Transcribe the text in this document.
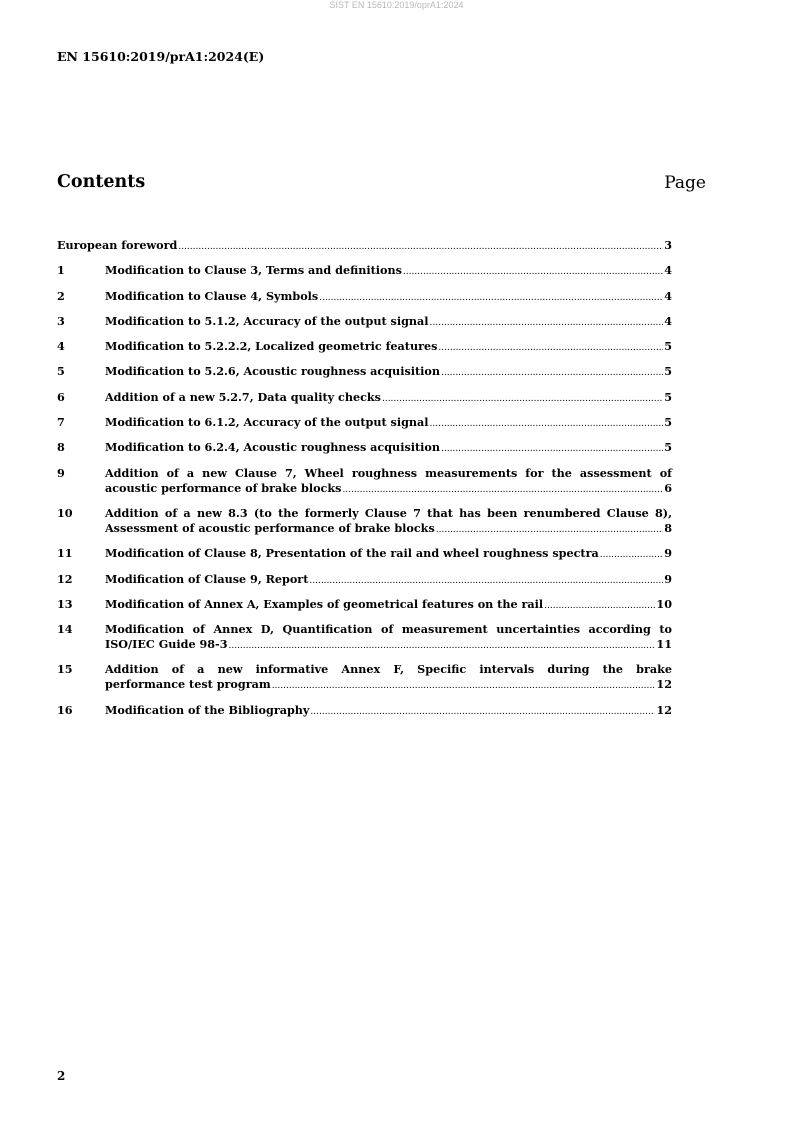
SIST EN 15610:2019/oprA1:2024
EN 15610:2019/prA1:2024(E)
Contents	Page
European foreword .....	3
1	Modification to Clause 3, Terms and definitions .....	4
2	Modification to Clause 4, Symbols .....	4
3	Modification to 5.1.2, Accuracy of the output signal .....	4
4	Modification to 5.2.2.2, Localized geometric features .....	5
5	Modification to 5.2.6, Acoustic roughness acquisition .....	5
6	Addition of a new 5.2.7, Data quality checks .....	5
7	Modification to 6.1.2, Accuracy of the output signal .....	5
8	Modification to 6.2.4, Acoustic roughness acquisition .....	5
9	Addition of a new Clause 7, Wheel roughness measurements for the assessment of
acoustic performance of brake blocks .....	6
10	Addition of a new 8.3 (to the formerly Clause 7 that has been renumbered Clause 8),
Assessment of acoustic performance of brake blocks .....	8
11	Modification of Clause 8, Presentation of the rail and wheel roughness spectra .....	9
12	Modification of Clause 9, Report .....	9
13	Modification of Annex A, Examples of geometrical features on the rail .....	10
14	Modification of Annex D, Quantification of measurement uncertainties according to
ISO/IEC Guide 98-3 .....	11
15	Addition of a new informative Annex F, Specific intervals during the brake
performance test program .....	12
16	Modification of the Bibliography .....	12
2
